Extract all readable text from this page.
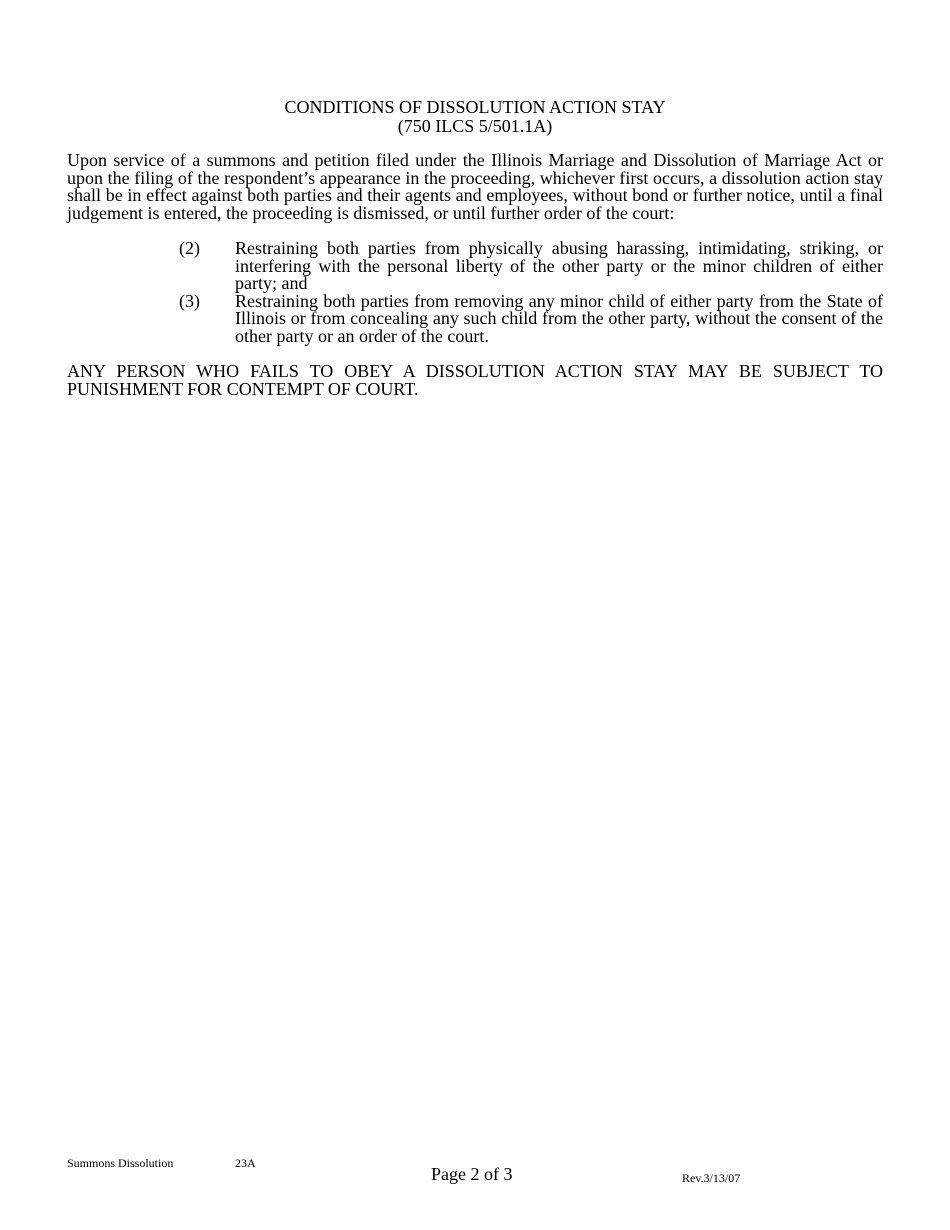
CONDITIONS OF DISSOLUTION ACTION STAY
(750 ILCS 5/501.1A)
Upon service of a summons and petition filed under the Illinois Marriage and Dissolution of Marriage Act or upon the filing of the respondent’s appearance in the proceeding, whichever first occurs, a dissolution action stay shall be in effect against both parties and their agents and employees, without bond or further notice, until a final judgement is entered, the proceeding is dismissed, or until further order of the court:
(2)	Restraining both parties from physically abusing harassing, intimidating, striking, or interfering with the personal liberty of the other party or the minor children of either party; and
(3)	Restraining both parties from removing any minor child of either party from the State of Illinois or from concealing any such child from the other party, without the consent of the other party or an order of the court.
ANY PERSON WHO FAILS TO OBEY A DISSOLUTION ACTION STAY MAY BE SUBJECT TO PUNISHMENT FOR CONTEMPT OF COURT.
Summons Dissolution	23A
Page 2 of 3	Rev.3/13/07
